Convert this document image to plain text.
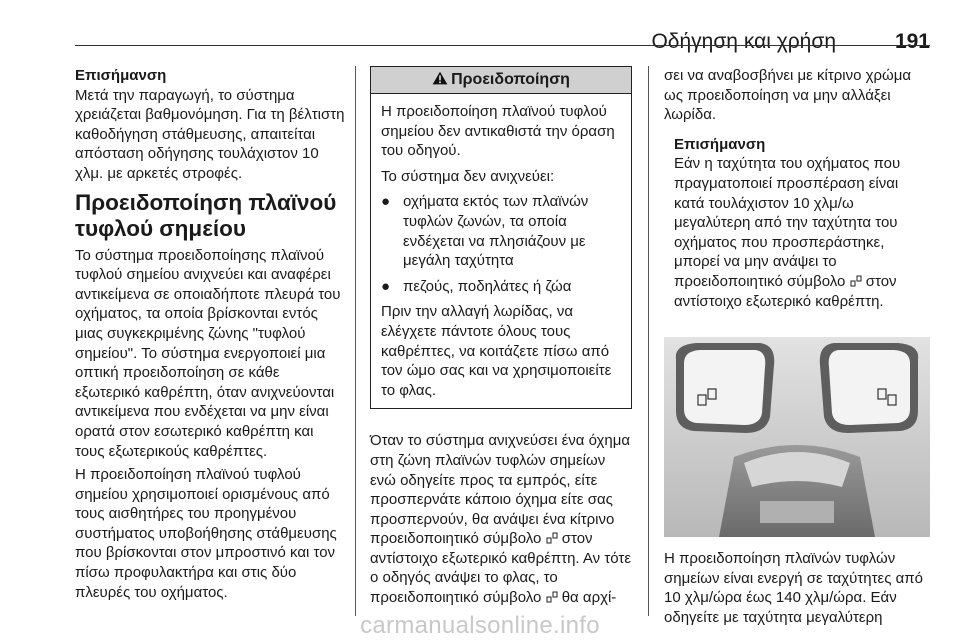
Οδήγηση και χρήση	191

Επισήμανση

Μετά την παραγωγή, το σύστημα χρειάζεται βαθμονόμηση. Για τη βέλτιστη καθοδήγηση στάθμευσης, απαιτείται απόσταση οδήγησης τουλάχιστον 10 χλμ. με αρκετές στροφές.

Προειδοποίηση πλαϊνού τυφλού σημείου

Το σύστημα προειδοποίησης πλαϊνού τυφλού σημείου ανιχνεύει και αναφέρει αντικείμενα σε οποιαδήποτε πλευρά του οχήματος, τα οποία βρίσκονται εντός μιας συγκεκριμένης ζώνης "τυφλού σημείου". Το σύστημα ενεργοποιεί μια οπτική προειδοποίηση σε κάθε εξωτερικό καθρέπτη, όταν ανιχνεύονται αντικείμενα που ενδέχεται να μην είναι ορατά στον εσωτερικό καθρέπτη και τους εξωτερικούς καθρέπτες.

Η προειδοποίηση πλαϊνού τυφλού σημείου χρησιμοποιεί ορισμένους από τους αισθητήρες του προηγμένου συστήματος υποβοήθησης στάθμευσης που βρίσκονται στον μπροστινό και τον πίσω προφυλακτήρα και στις δύο πλευρές του οχήματος.

Προειδοποίηση

Η προειδοποίηση πλαϊνού τυφλού σημείου δεν αντικαθιστά την όραση του οδηγού.

Το σύστημα δεν ανιχνεύει:

● οχήματα εκτός των πλαϊνών τυφλών ζωνών, τα οποία ενδέχεται να πλησιάζουν με μεγάλη ταχύτητα
● πεζούς, ποδηλάτες ή ζώα

Πριν την αλλαγή λωρίδας, να ελέγχετε πάντοτε όλους τους καθρέπτες, να κοιτάζετε πίσω από τον ώμο σας και να χρησιμοποιείτε το φλας.

Όταν το σύστημα ανιχνεύσει ένα όχημα στη ζώνη πλαϊνών τυφλών σημείων ενώ οδηγείτε προς τα εμπρός, είτε προσπερνάτε κάποιο όχημα είτε σας προσπερνούν, θα ανάψει ένα κίτρινο προειδοποιητικό σύμβολο στον αντίστοιχο εξωτερικό καθρέπτη. Αν τότε ο οδηγός ανάψει το φλας, το προειδοποιητικό σύμβολο θα αρχί-

σει να αναβοσβήνει με κίτρινο χρώμα ως προειδοποίηση να μην αλλάξει λωρίδα.

Επισήμανση

Εάν η ταχύτητα του οχήματος που πραγματοποιεί προσπέραση είναι κατά τουλάχιστον 10 χλμ/ω μεγαλύτερη από την ταχύτητα του οχήματος που προσπεράστηκε, μπορεί να μην ανάψει το προειδοποιητικό σύμβολο στον αντίστοιχο εξωτερικό καθρέπτη.

Η προειδοποίηση πλαϊνών τυφλών σημείων είναι ενεργή σε ταχύτητες από 10 χλμ/ώρα έως 140 χλμ/ώρα. Εάν οδηγείτε με ταχύτητα μεγαλύτερη

carmanualsonline.info
